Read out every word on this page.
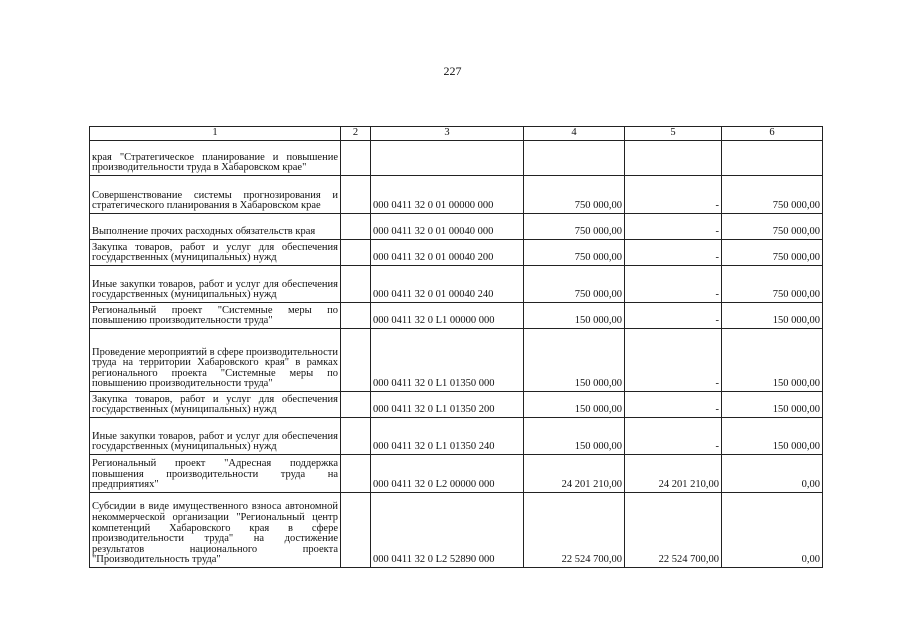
227
1	2	3	4	5	6
края "Стратегическое планирование и повышение производительности труда в Хабаровском крае"					
Совершенствование системы прогнозирования и стратегического планирования в Хабаровском крае		000 0411 32 0 01 00000 000	750 000,00	-	750 000,00
Выполнение прочих расходных обязательств края		000 0411 32 0 01 00040 000	750 000,00	-	750 000,00
Закупка товаров, работ и услуг для обеспечения государственных (муниципальных) нужд		000 0411 32 0 01 00040 200	750 000,00	-	750 000,00
Иные закупки товаров, работ и услуг для обеспечения государственных (муниципальных) нужд		000 0411 32 0 01 00040 240	750 000,00	-	750 000,00
Региональный проект "Системные меры по повышению производительности труда"		000 0411 32 0 L1 00000 000	150 000,00	-	150 000,00
Проведение мероприятий в сфере производительности труда на территории Хабаровского края" в рамках регионального проекта "Системные меры по повышению производительности труда"		000 0411 32 0 L1 01350 000	150 000,00	-	150 000,00
Закупка товаров, работ и услуг для обеспечения государственных (муниципальных) нужд		000 0411 32 0 L1 01350 200	150 000,00	-	150 000,00
Иные закупки товаров, работ и услуг для обеспечения государственных (муниципальных) нужд		000 0411 32 0 L1 01350 240	150 000,00	-	150 000,00
Региональный проект "Адресная поддержка повышения производительности труда на предприятиях"		000 0411 32 0 L2 00000 000	24 201 210,00	24 201 210,00	0,00
Субсидии в виде имущественного взноса автономной некоммерческой организации "Региональный центр компетенций Хабаровского края в сфере производительности труда" на достижение результатов национального проекта "Производительность труда"		000 0411 32 0 L2 52890 000	22 524 700,00	22 524 700,00	0,00
